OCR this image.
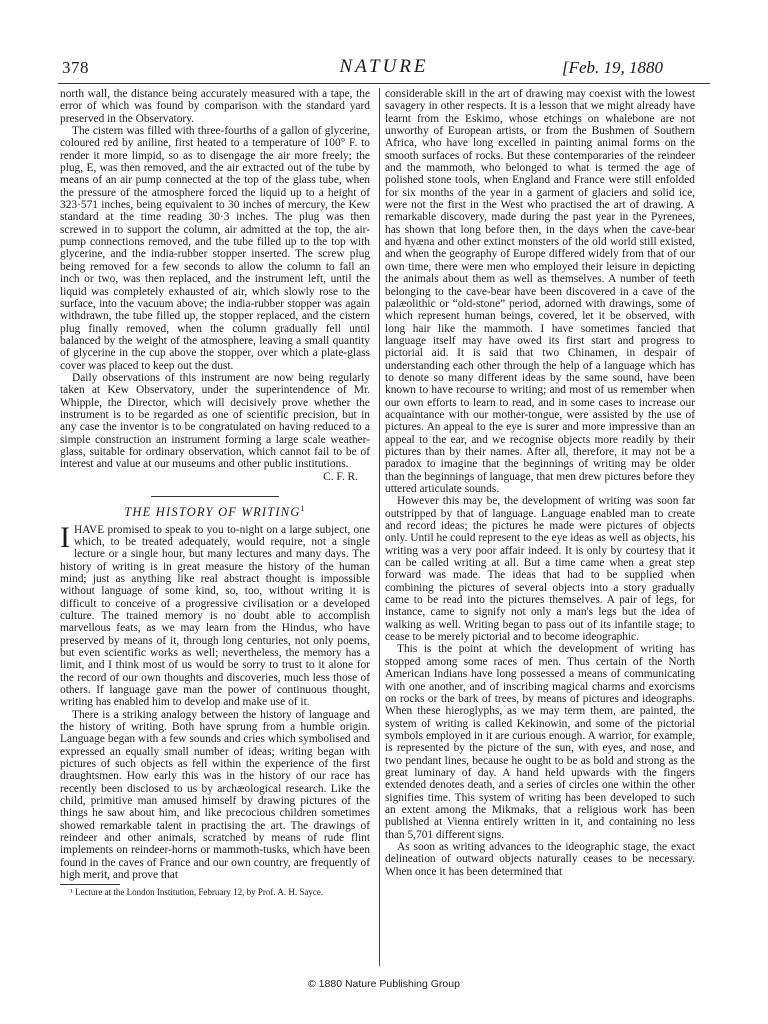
378	NATURE	[Feb. 19, 1880

north wall, the distance being accurately measured with a tape, the error of which was found by comparison with the standard yard preserved in the Observatory.

The cistern was filled with three-fourths of a gallon of glycerine, coloured red by aniline, first heated to a temperature of 100° F. to render it more limpid, so as to disengage the air more freely; the plug, E, was then removed, and the air extracted out of the tube by means of an air pump connected at the top of the glass tube, when the pressure of the atmosphere forced the liquid up to a height of 323·571 inches, being equivalent to 30 inches of mercury, the Kew standard at the time reading 30·3 inches. The plug was then screwed in to support the column, air admitted at the top, the air-pump connections removed, and the tube filled up to the top with glycerine, and the india-rubber stopper inserted. The screw plug being removed for a few seconds to allow the column to fall an inch or two, was then replaced, and the instrument left, until the liquid was completely exhausted of air, which slowly rose to the surface, into the vacuum above; the india-rubber stopper was again withdrawn, the tube filled up, the stopper replaced, and the cistern plug finally removed, when the column gradually fell until balanced by the weight of the atmosphere, leaving a small quantity of glycerine in the cup above the stopper, over which a plate-glass cover was placed to keep out the dust.

Daily observations of this instrument are now being regularly taken at Kew Observatory, under the superintendence of Mr. Whipple, the Director, which will decisively prove whether the instrument is to be regarded as one of scientific precision, but in any case the inventor is to be congratulated on having reduced to a simple construction an instrument forming a large scale weather-glass, suitable for ordinary observation, which cannot fail to be of interest and value at our museums and other public institutions.

C. F. R.

THE HISTORY OF WRITING$^1$

IHAVE promised to speak to you to-night on a large subject, one which, to be treated adequately, would require, not a single lecture or a single hour, but many lectures and many days. The history of writing is in great measure the history of the human mind; just as anything like real abstract thought is impossible without language of some kind, so, too, without writing it is difficult to conceive of a progressive civilisation or a developed culture. The trained memory is no doubt able to accomplish marvellous feats, as we may learn from the Hindus, who have preserved by means of it, through long centuries, not only poems, but even scientific works as well; nevertheless, the memory has a limit, and I think most of us would be sorry to trust to it alone for the record of our own thoughts and discoveries, much less those of others. If language gave man the power of continuous thought, writing has enabled him to develop and make use of it.

There is a striking analogy between the history of language and the history of writing. Both have sprung from a humble origin. Language began with a few sounds and cries which symbolised and expressed an equally small number of ideas; writing began with pictures of such objects as fell within the experience of the first draughtsmen. How early this was in the history of our race has recently been disclosed to us by archæological research. Like the child, primitive man amused himself by drawing pictures of the things he saw about him, and like precocious children sometimes showed remarkable talent in practising the art. The drawings of reindeer and other animals, scratched by means of rude flint implements on reindeer-horns or mammoth-tusks, which have been found in the caves of France and our own country, are frequently of high merit, and prove that

¹ Lecture at the London Institution, February 12, by Prof. A. H. Sayce.

considerable skill in the art of drawing may coexist with the lowest savagery in other respects. It is a lesson that we might already have learnt from the Eskimo, whose etchings on whalebone are not unworthy of European artists, or from the Bushmen of Southern Africa, who have long excelled in painting animal forms on the smooth surfaces of rocks. But these contemporaries of the reindeer and the mammoth, who belonged to what is termed the age of polished stone tools, when England and France were still enfolded for six months of the year in a garment of glaciers and solid ice, were not the first in the West who practised the art of drawing. A remarkable discovery, made during the past year in the Pyrenees, has shown that long before then, in the days when the cave-bear and hyæna and other extinct monsters of the old world still existed, and when the geography of Europe differed widely from that of our own time, there were men who employed their leisure in depicting the animals about them as well as themselves. A number of teeth belonging to the cave-bear have been discovered in a cave of the palæolithic or “old-stone” period, adorned with drawings, some of which represent human beings, covered, let it be observed, with long hair like the mammoth. I have sometimes fancied that language itself may have owed its first start and progress to pictorial aid. It is said that two Chinamen, in despair of understanding each other through the help of a language which has to denote so many different ideas by the same sound, have been known to have recourse to writing; and most of us remember when our own efforts to learn to read, and in some cases to increase our acquaintance with our mother-tongue, were assisted by the use of pictures. An appeal to the eye is surer and more impressive than an appeal to the ear, and we recognise objects more readily by their pictures than by their names. After all, therefore, it may not be a paradox to imagine that the beginnings of writing may be older than the beginnings of language, that men drew pictures before they uttered articulate sounds.

However this may be, the development of writing was soon far outstripped by that of language. Language enabled man to create and record ideas; the pictures he made were pictures of objects only. Until he could represent to the eye ideas as well as objects, his writing was a very poor affair indeed. It is only by courtesy that it can be called writing at all. But a time came when a great step forward was made. The ideas that had to be supplied when combining the pictures of several objects into a story gradually came to be read into the pictures themselves. A pair of legs, for instance, came to signify not only a man's legs but the idea of walking as well. Writing began to pass out of its infantile stage; to cease to be merely pictorial and to become ideographic.

This is the point at which the development of writing has stopped among some races of men. Thus certain of the North American Indians have long possessed a means of communicating with one another, and of inscribing magical charms and exorcisms on rocks or the bark of trees, by means of pictures and ideographs. When these hieroglyphs, as we may term them, are painted, the system of writing is called Kekinowin, and some of the pictorial symbols employed in it are curious enough. A warrior, for example, is represented by the picture of the sun, with eyes, and nose, and two pendant lines, because he ought to be as bold and strong as the great luminary of day. A hand held upwards with the fingers extended denotes death, and a series of circles one within the other signifies time. This system of writing has been developed to such an extent among the Mikmaks, that a religious work has been published at Vienna entirely written in it, and containing no less than 5,701 different signs.

As soon as writing advances to the ideographic stage, the exact delineation of outward objects naturally ceases to be necessary. When once it has been determined that

© 1880 Nature Publishing Group
